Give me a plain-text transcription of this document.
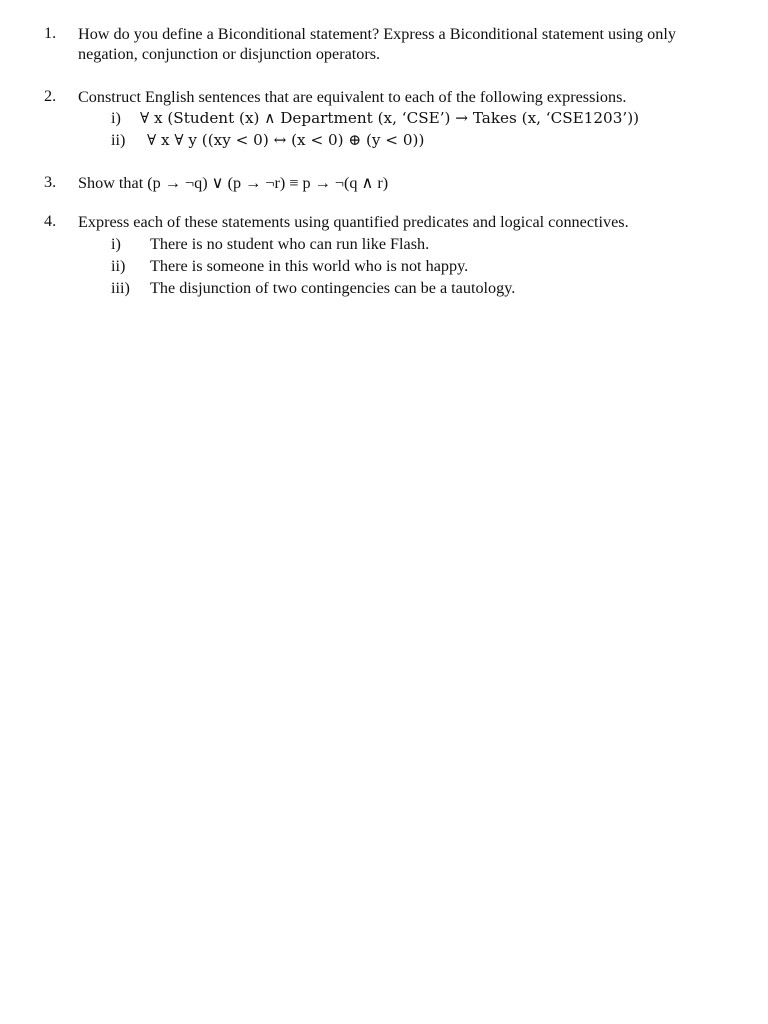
1.	How do you define a Biconditional statement? Express a Biconditional statement using only negation, conjunction or disjunction operators.
2.	Construct English sentences that are equivalent to each of the following expressions.
i) ∀ x (Student (x) ∧ Department (x, ‘CSE’) → Takes (x, ‘CSE1203’))
ii) ∀ x ∀ y ((xy < 0) ↔ (x < 0) ⊕ (y < 0))
3.	Show that (p → ¬q) ∨ (p → ¬r) ≡ p → ¬(q ∧ r)
4.	Express each of these statements using quantified predicates and logical connectives.
i) There is no student who can run like Flash.
ii) There is someone in this world who is not happy.
iii) The disjunction of two contingencies can be a tautology.
